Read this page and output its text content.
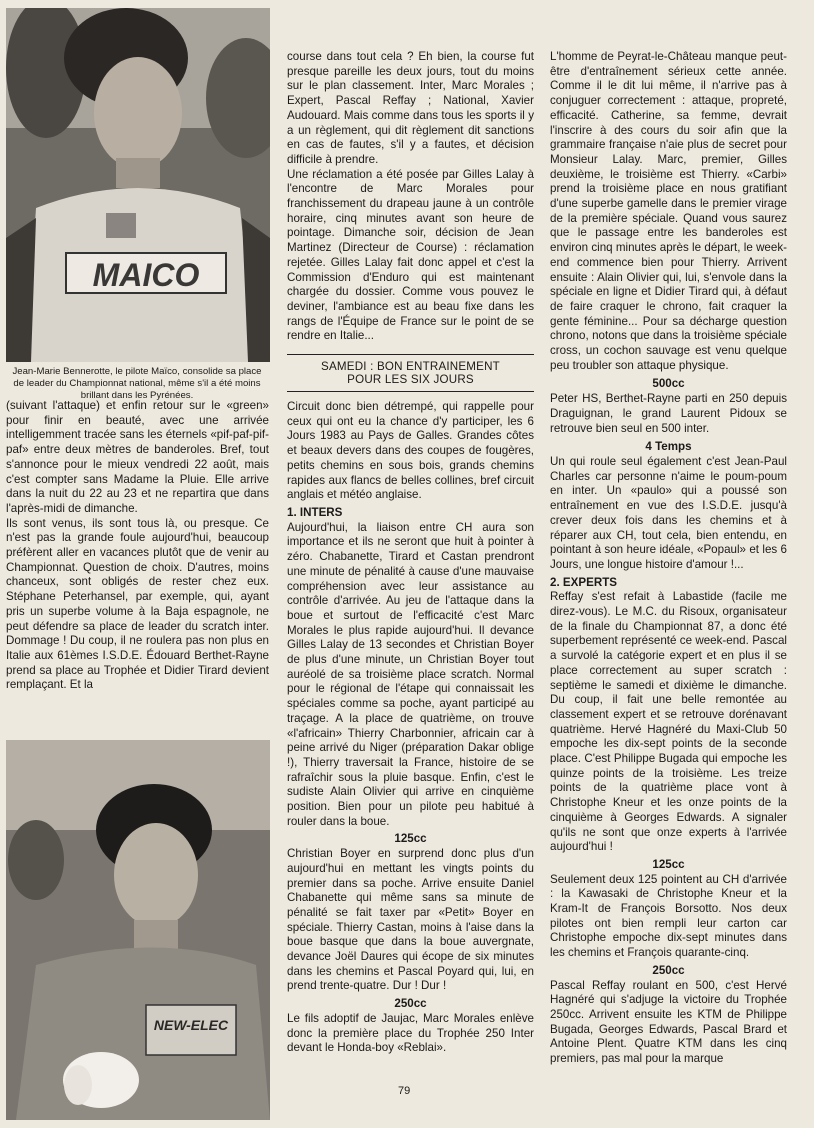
MAICO
Jean-Marie Bennerotte, le pilote Maïco, consolide sa place de leader du Championnat national, même s'il a été moins brillant dans les Pyrénées.

(suivant l'attaque) et enfin retour sur le «green» pour finir en beauté, avec une arrivée intelligemment tracée sans les éternels «pif-paf-pif-paf» entre deux mètres de banderoles. Bref, tout s'annonce pour le mieux vendredi 22 août, mais c'est compter sans Madame la Pluie. Elle arrive dans la nuit du 22 au 23 et ne repartira que dans l'après-midi de dimanche.

Ils sont venus, ils sont tous là, ou presque. Ce n'est pas la grande foule aujourd'hui, beaucoup préfèrent aller en vacances plutôt que de venir au Championnat. Question de choix. D'autres, moins chanceux, sont obligés de rester chez eux. Stéphane Peterhansel, par exemple, qui, ayant pris un superbe volume à la Baja espagnole, ne peut défendre sa place de leader du scratch inter. Dommage ! Du coup, il ne roulera pas non plus en Italie aux 61èmes I.S.D.E. Édouard Berthet-Rayne prend sa place au Trophée et Didier Tirard devient remplaçant. Et la

NEW-ELEC

course dans tout cela ? Eh bien, la course fut presque pareille les deux jours, tout du moins sur le plan classement. Inter, Marc Morales ; Expert, Pascal Reffay ; National, Xavier Audouard. Mais comme dans tous les sports il y a un règlement, qui dit règlement dit sanctions en cas de fautes, s'il y a fautes, et décision difficile à prendre.

Une réclamation a été posée par Gilles Lalay à l'encontre de Marc Morales pour franchissement du drapeau jaune à un contrôle horaire, cinq minutes avant son heure de pointage. Dimanche soir, décision de Jean Martinez (Directeur de Course) : réclamation rejetée. Gilles Lalay fait donc appel et c'est la Commission d'Enduro qui est maintenant chargée du dossier. Comme vous pouvez le deviner, l'ambiance est au beau fixe dans les rangs de l'Équipe de France sur le point de se rendre en Italie...

SAMEDI : BON ENTRAINEMENT
POUR LES SIX JOURS

Circuit donc bien détrempé, qui rappelle pour ceux qui ont eu la chance d'y participer, les 6 Jours 1983 au Pays de Galles. Grandes côtes et beaux devers dans des coupes de fougères, petits chemins en sous bois, grands chemins rapides aux flancs de belles collines, bref circuit anglais et météo anglaise.

1. INTERS

Aujourd'hui, la liaison entre CH aura son importance et ils ne seront que huit à pointer à zéro. Chabanette, Tirard et Castan prendront une minute de pénalité à cause d'une mauvaise compréhension avec leur assistance au contrôle d'arrivée. Au jeu de l'attaque dans la boue et surtout de l'efficacité c'est Marc Morales le plus rapide aujourd'hui. Il devance Gilles Lalay de 13 secondes et Christian Boyer de plus d'une minute, un Christian Boyer tout auréolé de sa troisième place scratch. Normal pour le régional de l'étape qui connaissait les spéciales comme sa poche, ayant participé au traçage. A la place de quatrième, on trouve «l'africain» Thierry Charbonnier, africain car à peine arrivé du Niger (préparation Dakar oblige !), Thierry traversait la France, histoire de se rafraîchir sous la pluie basque. Enfin, c'est le sudiste Alain Olivier qui arrive en cinquième position. Bien pour un pilote peu habitué à rouler dans la boue.

125cc

Christian Boyer en surprend donc plus d'un aujourd'hui en mettant les vingts points du premier dans sa poche. Arrive ensuite Daniel Chabanette qui même sans sa minute de pénalité se fait taxer par «Petit» Boyer en spéciale. Thierry Castan, moins à l'aise dans la boue basque que dans la boue auvergnate, devance Joël Daures qui écope de six minutes dans les chemins et Pascal Poyard qui, lui, en prend trente-quatre. Dur ! Dur !

250cc

Le fils adoptif de Jaujac, Marc Morales enlève donc la première place du Trophée 250 Inter devant le Honda-boy «Reblai».

L'homme de Peyrat-le-Château manque peut-être d'entraînement sérieux cette année. Comme il le dit lui même, il n'arrive pas à conjuguer correctement : attaque, propreté, efficacité. Catherine, sa femme, devrait l'inscrire à des cours du soir afin que la grammaire française n'aie plus de secret pour Monsieur Lalay. Marc, premier, Gilles deuxième, le troisième est Thierry. «Carbi» prend la troisième place en nous gratifiant d'une superbe gamelle dans le premier virage de la première spéciale. Quand vous saurez que le passage entre les banderoles est environ cinq minutes après le départ, le week-end commence bien pour Thierry. Arrivent ensuite : Alain Olivier qui, lui, s'envole dans la spéciale en ligne et Didier Tirard qui, à défaut de faire craquer le chrono, fait craquer la gente féminine... Pour sa décharge question chrono, notons que dans la troisième spéciale cross, un cochon sauvage est venu quelque peu troubler son attaque physique.

500cc

Peter HS, Berthet-Rayne parti en 250 depuis Draguignan, le grand Laurent Pidoux se retrouve bien seul en 500 inter.

4 Temps

Un qui roule seul également c'est Jean-Paul Charles car personne n'aime le poum-poum en inter. Un «paulo» qui a poussé son entraînement en vue des I.S.D.E. jusqu'à crever deux fois dans les chemins et à réparer aux CH, tout cela, bien entendu, en pointant à son heure idéale, «Popaul» et les 6 Jours, une longue histoire d'amour !...

2. EXPERTS

Reffay s'est refait à Labastide (facile me direz-vous). Le M.C. du Risoux, organisateur de la finale du Championnat 87, a donc été superbement représenté ce week-end. Pascal a survolé la catégorie expert et en plus il se place correctement au super scratch : septième le samedi et dixième le dimanche. Du coup, il fait une belle remontée au classement expert et se retrouve dorénavant quatrième. Hervé Hagnéré du Maxi-Club 50 empoche les dix-sept points de la seconde place. C'est Philippe Bugada qui empoche les quinze points de la troisième. Les treize points de la quatrième place vont à Christophe Kneur et les onze points de la cinquième à Georges Edwards. A signaler qu'ils ne sont que onze experts à l'arrivée aujourd'hui !

125cc

Seulement deux 125 pointent au CH d'arrivée : la Kawasaki de Christophe Kneur et la Kram-It de François Borsotto. Nos deux pilotes ont bien rempli leur carton car Christophe empoche dix-sept minutes dans les chemins et François quarante-cinq.

250cc

Pascal Reffay roulant en 500, c'est Hervé Hagnéré qui s'adjuge la victoire du Trophée 250cc. Arrivent ensuite les KTM de Philippe Bugada, Georges Edwards, Pascal Brard et Antoine Plent. Quatre KTM dans les cinq premiers, pas mal pour la marque

79
